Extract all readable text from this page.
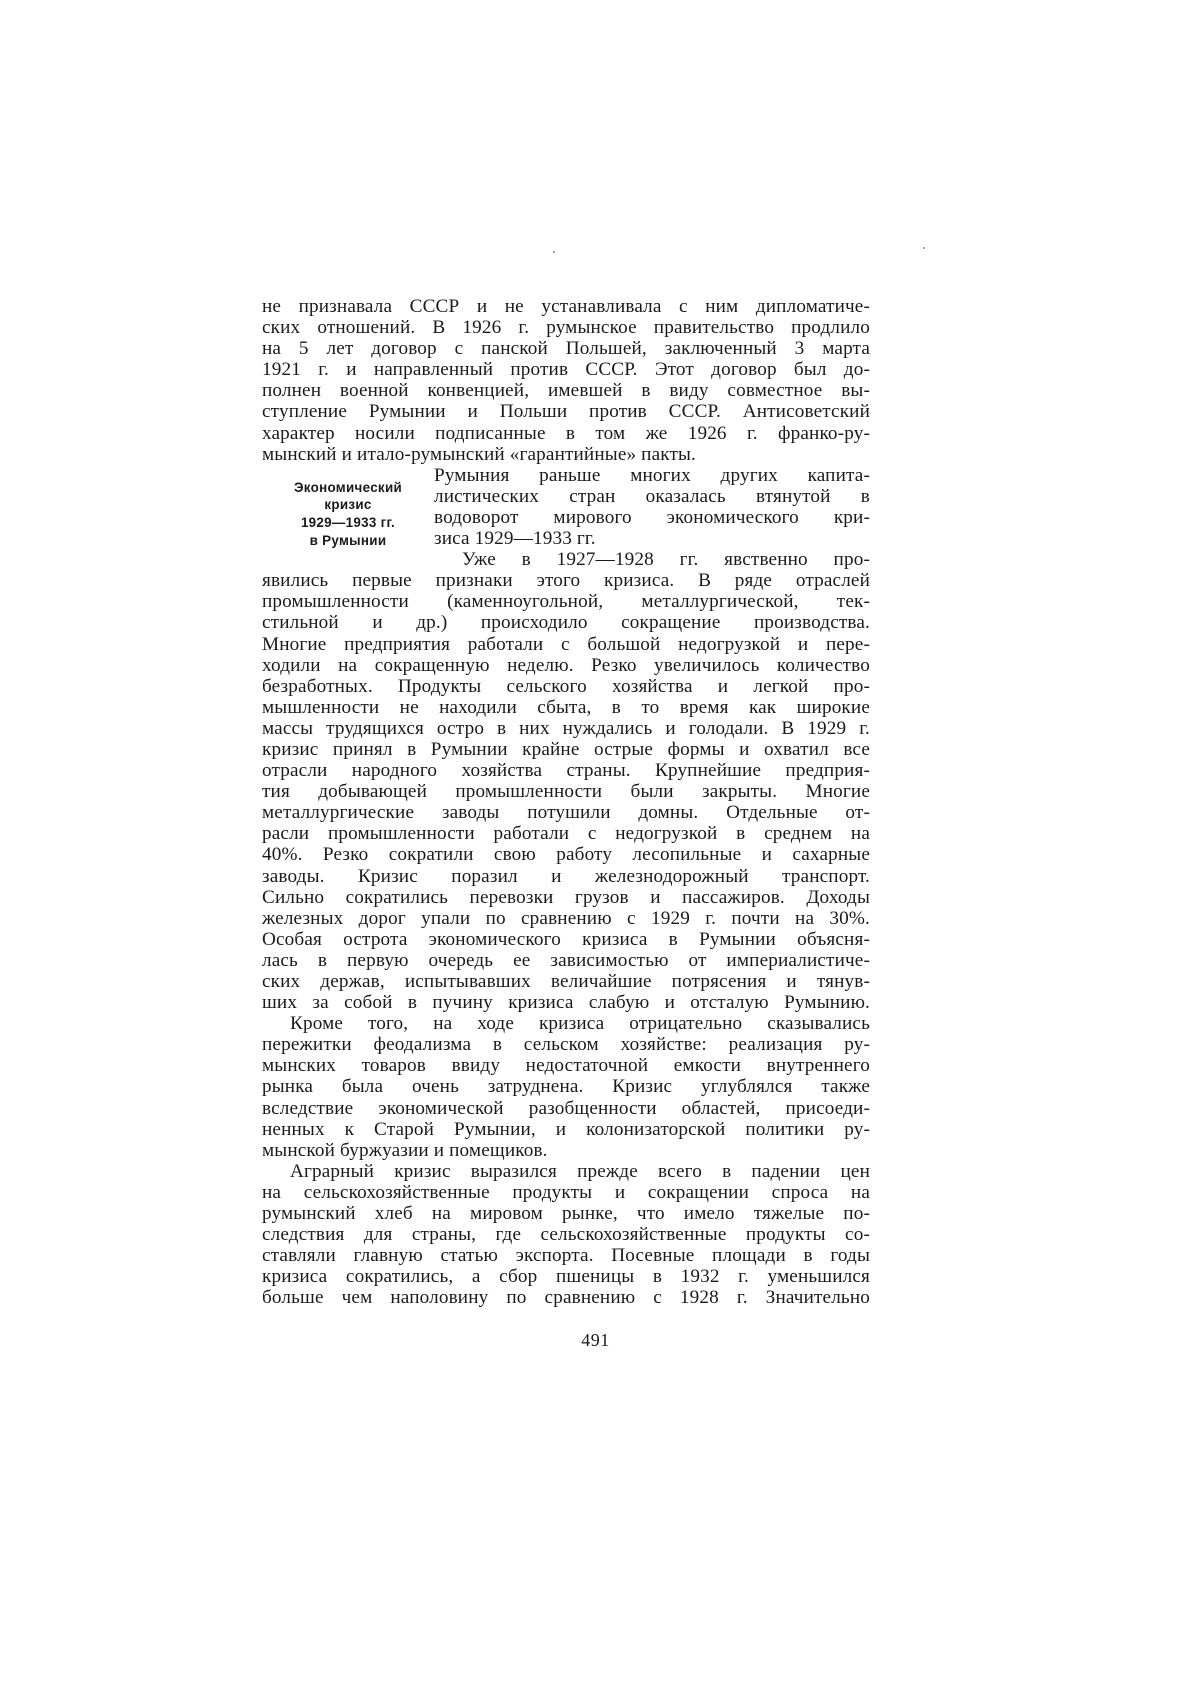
не признавала СССР и не устанавливала с ним дипломатиче-
ских отношений. В 1926 г. румынское правительство продлило
на 5 лет договор с панской Польшей, заключенный 3 марта
1921 г. и направленный против СССР. Этот договор был до-
полнен военной конвенцией, имевшей в виду совместное вы-
ступление Румынии и Польши против СССР. Антисоветский
характер носили подписанные в том же 1926 г. франко-ру-
мынский и итало-румынский «гарантийные» пакты.
Экономический
кризис
1929—1933 гг.
в Румынии
Румыния раньше многих других капита-
листических стран оказалась втянутой в
водоворот мирового экономического кри-
зиса 1929—1933 гг.
Уже в 1927—1928 гг. явственно про-
явились первые признаки этого кризиса. В ряде отраслей
промышленности (каменноугольной, металлургической, тек-
стильной и др.) происходило сокращение производства.
Многие предприятия работали с большой недогрузкой и пере-
ходили на сокращенную неделю. Резко увеличилось количество
безработных. Продукты сельского хозяйства и легкой про-
мышленности не находили сбыта, в то время как широкие
массы трудящихся остро в них нуждались и голодали. В 1929 г.
кризис принял в Румынии крайне острые формы и охватил все
отрасли народного хозяйства страны. Крупнейшие предприя-
тия добывающей промышленности были закрыты. Многие
металлургические заводы потушили домны. Отдельные от-
расли промышленности работали с недогрузкой в среднем на
40%. Резко сократили свою работу лесопильные и сахарные
заводы. Кризис поразил и железнодорожный транспорт.
Сильно сократились перевозки грузов и пассажиров. Доходы
железных дорог упали по сравнению с 1929 г. почти на 30%.
Особая острота экономического кризиса в Румынии объясня-
лась в первую очередь ее зависимостью от империалистиче-
ских держав, испытывавших величайшие потрясения и тянув-
ших за собой в пучину кризиса слабую и отсталую Румынию.
Кроме того, на ходе кризиса отрицательно сказывались
пережитки феодализма в сельском хозяйстве: реализация ру-
мынских товаров ввиду недостаточной емкости внутреннего
рынка была очень затруднена. Кризис углублялся также
вследствие экономической разобщенности областей, присоеди-
ненных к Старой Румынии, и колонизаторской политики ру-
мынской буржуазии и помещиков.
Аграрный кризис выразился прежде всего в падении цен
на сельскохозяйственные продукты и сокращении спроса на
румынский хлеб на мировом рынке, что имело тяжелые по-
следствия для страны, где сельскохозяйственные продукты со-
ставляли главную статью экспорта. Посевные площади в годы
кризиса сократились, а сбор пшеницы в 1932 г. уменьшился
больше чем наполовину по сравнению с 1928 г. Значительно
491
